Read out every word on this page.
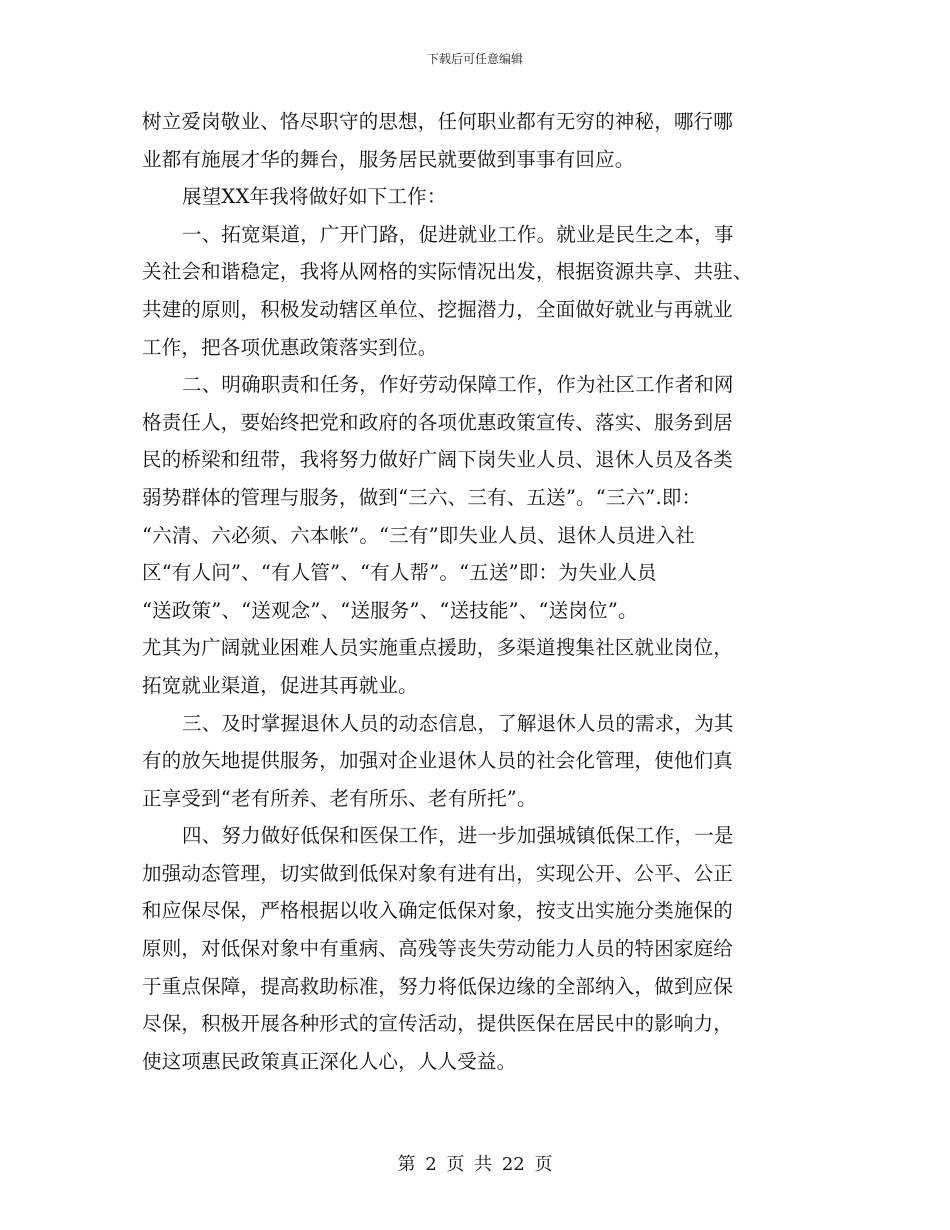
下载后可任意编辑
树立爱岗敬业、恪尽职守的思想，任何职业都有无穷的神秘，哪行哪
业都有施展才华的舞台，服务居民就要做到事事有回应。
展望XX年我将做好如下工作：
一、拓宽渠道，广开门路，促进就业工作。就业是民生之本，事
关社会和谐稳定，我将从网格的实际情况出发，根据资源共享、共驻、
共建的原则，积极发动辖区单位、挖掘潜力，全面做好就业与再就业
工作，把各项优惠政策落实到位。
二、明确职责和任务，作好劳动保障工作，作为社区工作者和网
格责任人，要始终把党和政府的各项优惠政策宣传、落实、服务到居
民的桥梁和纽带，我将努力做好广阔下岗失业人员、退休人员及各类
弱势群体的管理与服务，做到“三六、三有、五送”。“三六”.即：
“六清、六必须、六本帐”。“三有”即失业人员、退休人员进入社
区“有人问”、“有人管”、“有人帮”。“五送”即：为失业人员
“送政策”、“送观念”、“送服务”、“送技能”、“送岗位”。
尤其为广阔就业困难人员实施重点援助，多渠道搜集社区就业岗位，
拓宽就业渠道，促进其再就业。
三、及时掌握退休人员的动态信息，了解退休人员的需求，为其
有的放矢地提供服务，加强对企业退休人员的社会化管理，使他们真
正享受到“老有所养、老有所乐、老有所托”。
四、努力做好低保和医保工作，进一步加强城镇低保工作，一是
加强动态管理，切实做到低保对象有进有出，实现公开、公平、公正
和应保尽保，严格根据以收入确定低保对象，按支出实施分类施保的
原则，对低保对象中有重病、高残等丧失劳动能力人员的特困家庭给
于重点保障，提高救助标准，努力将低保边缘的全部纳入，做到应保
尽保，积极开展各种形式的宣传活动，提供医保在居民中的影响力，
使这项惠民政策真正深化人心，人人受益。
第 2 页 共 22 页
